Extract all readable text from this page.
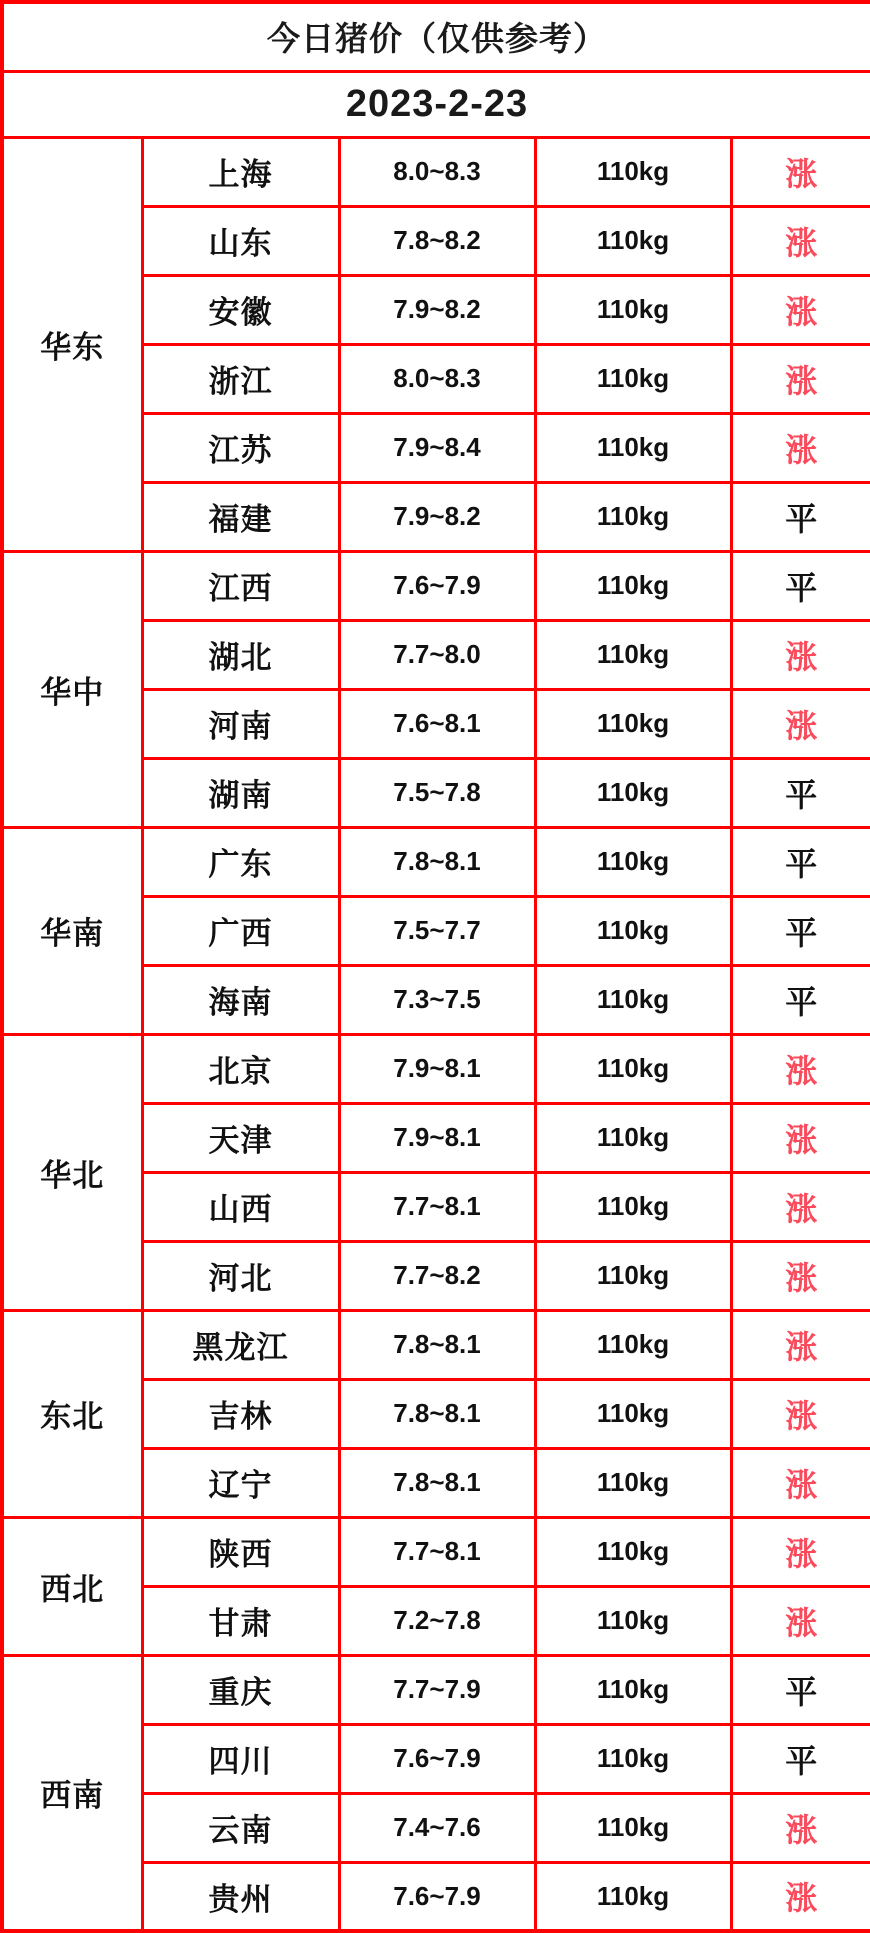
今日猪价（仅供参考）				
2023-2-23				
华东	上海	8.0~8.3	110kg	涨
	山东	7.8~8.2	110kg	涨
	安徽	7.9~8.2	110kg	涨
	浙江	8.0~8.3	110kg	涨
	江苏	7.9~8.4	110kg	涨
	福建	7.9~8.2	110kg	平
华中	江西	7.6~7.9	110kg	平
	湖北	7.7~8.0	110kg	涨
	河南	7.6~8.1	110kg	涨
	湖南	7.5~7.8	110kg	平
华南	广东	7.8~8.1	110kg	平
	广西	7.5~7.7	110kg	平
	海南	7.3~7.5	110kg	平
华北	北京	7.9~8.1	110kg	涨
	天津	7.9~8.1	110kg	涨
	山西	7.7~8.1	110kg	涨
	河北	7.7~8.2	110kg	涨
东北	黑龙江	7.8~8.1	110kg	涨
	吉林	7.8~8.1	110kg	涨
	辽宁	7.8~8.1	110kg	涨
西北	陕西	7.7~8.1	110kg	涨
	甘肃	7.2~7.8	110kg	涨
西南	重庆	7.7~7.9	110kg	平
	四川	7.6~7.9	110kg	平
	云南	7.4~7.6	110kg	涨
	贵州	7.6~7.9	110kg	涨
